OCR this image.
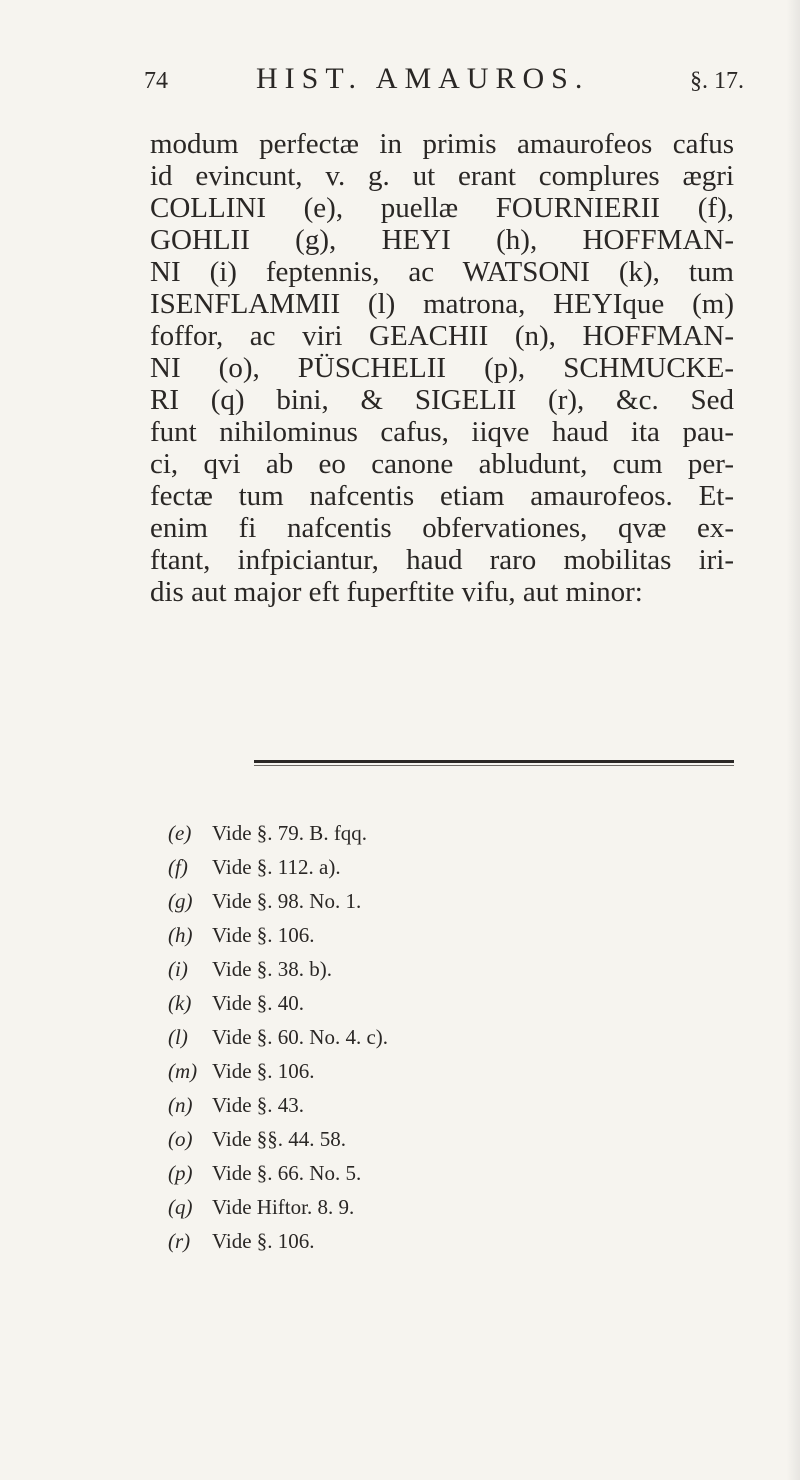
74	HIST. AMAUROS.	§. 17.
modum perfectæ in primis amaurofeos cafus
id evincunt, v. g. ut erant complures ægri
COLLINI (e), puellæ FOURNIERII (f),
GOHLII (g), HEYI (h), HOFFMAN-
NI (i) feptennis, ac WATSONI (k), tum
ISENFLAMMII (l) matrona, HEYIque (m)
foffor, ac viri GEACHII (n), HOFFMAN-
NI (o), PÜSCHELII (p), SCHMUCKE-
RI (q) bini, & SIGELII (r), &c. Sed
funt nihilominus cafus, iiqve haud ita pau-
ci, qvi ab eo canone abludunt, cum per-
fectæ tum nafcentis etiam amaurofeos. Et-
enim fi nafcentis obfervationes, qvæ ex-
ftant, infpiciantur, haud raro mobilitas iri-
dis aut major eft fuperftite vifu, aut minor:
(e) Vide §. 79. B. fqq.
(f) Vide §. 112. a).
(g) Vide §. 98. No. 1.
(h) Vide §. 106.
(i) Vide §. 38. b).
(k) Vide §. 40.
(l) Vide §. 60. No. 4. c).
(m) Vide §. 106.
(n) Vide §. 43.
(o) Vide §§. 44. 58.
(p) Vide §. 66. No. 5.
(q) Vide Hiftor. 8. 9.
(r) Vide §. 106.
